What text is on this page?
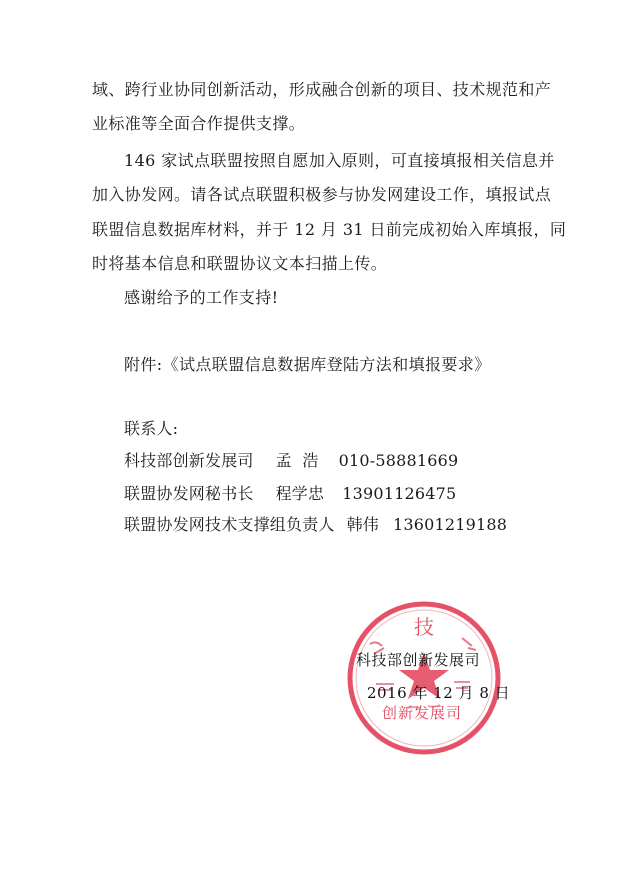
域、跨行业协同创新活动，形成融合创新的项目、技术规范和产
业标准等全面合作提供支撑。
146 家试点联盟按照自愿加入原则，可直接填报相关信息并
加入协发网。请各试点联盟积极参与协发网建设工作，填报试点
联盟信息数据库材料，并于 12 月 31 日前完成初始入库填报，同
时将基本信息和联盟协议文本扫描上传。
感谢给予的工作支持!
附件:《试点联盟信息数据库登陆方法和填报要求》
联系人:
科技部创新发展司 孟  浩 010-58881669
联盟协发网秘书长 程学忠 13901126475
联盟协发网技术支撑组负责人 韩伟 13601219188
技
科技部创新发展司
2016 年 12 月 8 日
创新发展司
